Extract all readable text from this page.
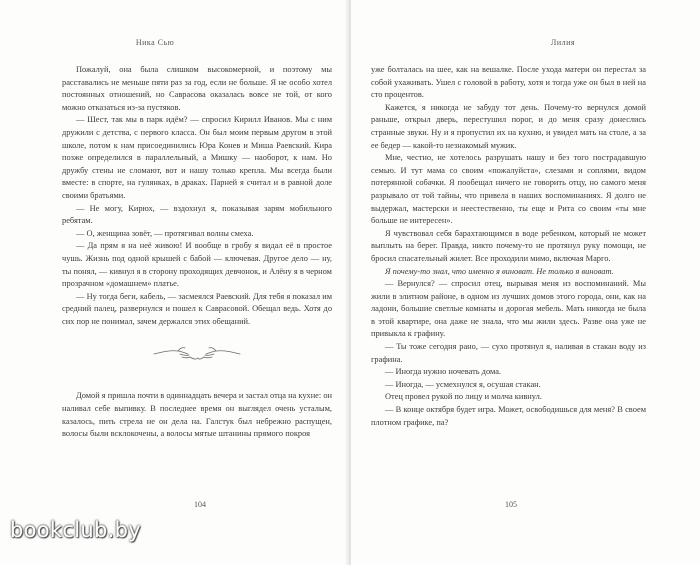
Ника Сью

Пожалуй, она была слишком высокомерной, и поэтому мы расставались не меньше пяти раз за год, если не больше. Я не особо хотел постоянных отношений, но Саврасова оказалась вовсе не той, от кого можно отказаться из-за пустяков.

— Шест, так мы в парк идём? — спросил Кирилл Иванов. Мы с ним дружили с детства, с первого класса. Он был моим первым другом в этой школе, потом к нам присоединились Юра Конев и Миша Раевский. Кира позже определился в параллельный, а Мишку — наоборот, к нам. Но дружбу стены не сломают, вот и нашу только крепла. Мы всегда были вместе: в спорте, на гулянках, в драках. Парней я считал и в равной доле своими братьями.

— Не могу, Кирюх, — вздохнул я, показывая зарям мобильного ребятам.

— О, женщина зовёт, — протягивал волны смеха.

— Да прям я на неё живою! И вообще в гробу я видал её в простое чушь. Жизнь под одной крышей с бабой — ключевая. Другое дело — ну, ты понял, — кивнул я в сторону проходящих девчонок, и Алёну я в черном прозрачном «домашнем» платье.

— Ну тогда беги, кабель, — засмеялся Раевский. Для тебя я показал им средний палец, развернулся и пошел к Саврасовой. Обещал ведь. Хотя до сих пор не понимал, зачем держался этих обещаний.

Домой я пришла почти в одиннадцать вечера и застал отца на кухне: он наливал себе выпивку. В последнее время он выглядел очень усталым, казалось, пить стрела не он дела на. Галстук был небрежно распущен, волосы были всклокочены, а волосы мятые штанины прямого покроя

104
Лилия

уже болталась на шее, как на вешалке. После ухода матери он перестал за собой ухаживать. Ушел с головой в работу, хотя и тогда уже он был в ней на сто процентов.

Кажется, я никогда не забуду тот день. Почему-то вернулся домой раньше, открыл дверь, перестушил порог, и до меня сразу донеслись странные звуки. Ну и я пропустил их на кухню, и увидел мать на столе, а за ее бедер — какой-то незнакомый мужик.

Мне, честно, не хотелось разрушать нашу и без того пострадавшую семью. И тут мама со своим «пожалуйста», слезами и соплями, видом потерянной собачки. Я пообещал ничего не говорить отцу, но самого меня разрывало от той тайны, что привела в наших воспоминаниях. Я долго не выдержал, мастерски и неестественно, ты еще и Рита со своим «ты мне больше не интересен».

Я чувствовал себя барахтающимся в воде ребенком, который не может выплыть на берег. Правда, никто почему-то не протянул руку помощи, не бросил спасательный жилет. Все проходили мимо, включая Марго.

Я почему-то знал, что именно я виноват. Не только я виноват.

— Вернулся? — спросил отец, вырывая меня из воспоминаний. Мы жили в элитном районе, в одном из лучших домов этого города, они, как на ладони, большие светлые комнаты и дорогая мебель. Мать никогда не была в этой квартире, она даже не знала, что мы жили здесь. Разве она уже не привыкла к графину.

— Ты тоже сегодня рано, — сухо протянул я, наливая в стакан воду из графина.

— Иногда нужно ночевать дома.

— Иногда, — усмехнулся я, осушая стакан.

Отец провел рукой по лицу и молча кивнул.

— В конце октября будет игра. Может, освободишься для меня? В своем плотном графике, па?

105
bookclub.by
